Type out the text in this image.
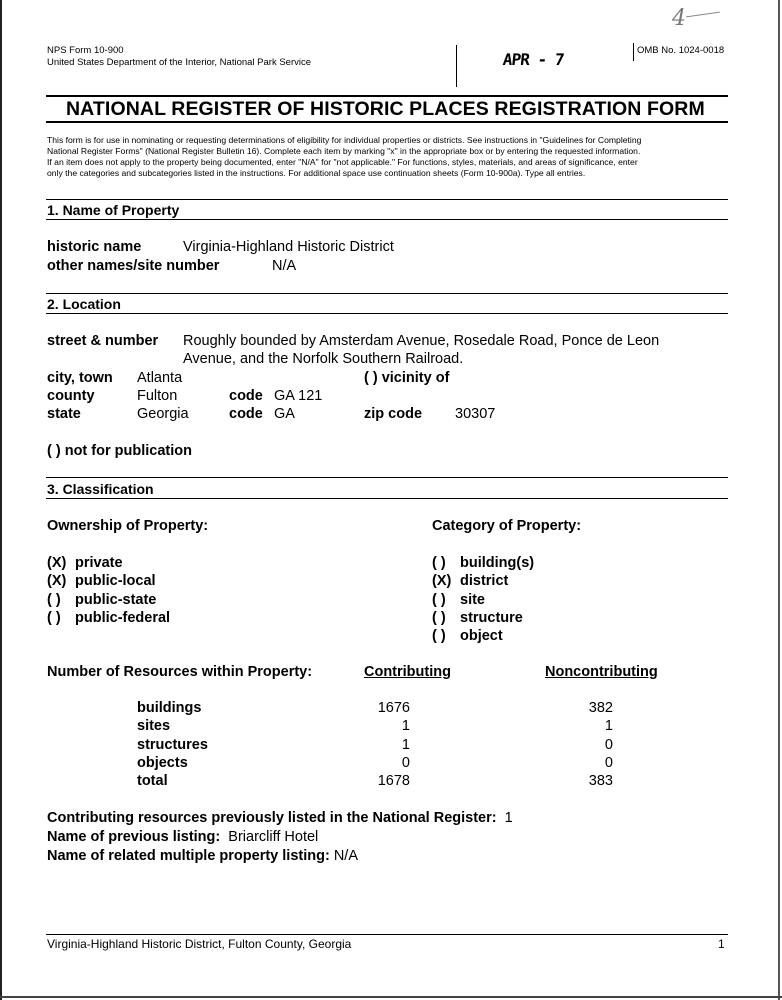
NPS Form 10-900
United States Department of the Interior, National Park Service	APR - 7	OMB No. 1024-0018
4
NATIONAL REGISTER OF HISTORIC PLACES REGISTRATION FORM
This form is for use in nominating or requesting determinations of eligibility for individual properties or districts. See instructions in "Guidelines for Completing
National Register Forms" (National Register Bulletin 16). Complete each item by marking "x" in the appropriate box or by entering the requested information.
If an item does not apply to the property being documented, enter "N/A" for "not applicable." For functions, styles, materials, and areas of significance, enter
only the categories and subcategories listed in the instructions. For additional space use continuation sheets (Form 10-900a). Type all entries.
1. Name of Property
historic name	Virginia-Highland Historic District
other names/site number	N/A
2. Location
street & number Roughly bounded by Amsterdam Avenue, Rosedale Road, Ponce de Leon
Avenue, and the Norfolk Southern Railroad.
city, town Atlanta	( ) vicinity of
county	Fulton	code GA 121
state	Georgia	code GA	zip code 30307
( ) not for publication
3. Classification
Ownership of Property:	Category of Property:
(X) private
(X) public-local
( ) public-state
( ) public-federal
( ) building(s)
(X) district
( ) site
( ) structure
( ) object
Number of Resources within Property:	Contributing	Noncontributing
buildings	1676	382
sites	1	1
structures	1	0
objects	0	0
total	1678	383
Contributing resources previously listed in the National Register: 1
Name of previous listing: Briarcliff Hotel
Name of related multiple property listing: N/A
Virginia-Highland Historic District, Fulton County, Georgia	1
